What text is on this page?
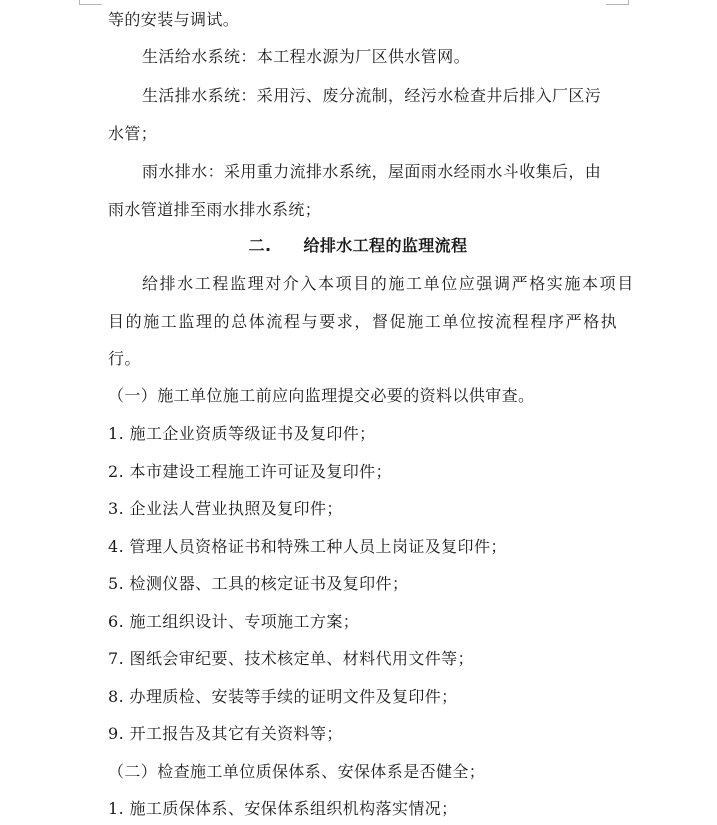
等的安装与调试。
生活给水系统：本工程水源为厂区供水管网。
生活排水系统：采用污、废分流制，经污水检查井后排入厂区污
水管；
雨水排水：采用重力流排水系统，屋面雨水经雨水斗收集后，由
雨水管道排至雨水排水系统；
二. 给排水工程的监理流程
给排水工程监理对介入本项目的施工单位应强调严格实施本项目
目的施工监理的总体流程与要求，督促施工单位按流程程序严格执
行。
（一）施工单位施工前应向监理提交必要的资料以供审查。
1. 施工企业资质等级证书及复印件；
2. 本市建设工程施工许可证及复印件；
3. 企业法人营业执照及复印件；
4. 管理人员资格证书和特殊工种人员上岗证及复印件；
5. 检测仪器、工具的核定证书及复印件；
6. 施工组织设计、专项施工方案；
7. 图纸会审纪要、技术核定单、材料代用文件等；
8. 办理质检、安装等手续的证明文件及复印件；
9. 开工报告及其它有关资料等；
（二）检查施工单位质保体系、安保体系是否健全；
1. 施工质保体系、安保体系组织机构落实情况；
